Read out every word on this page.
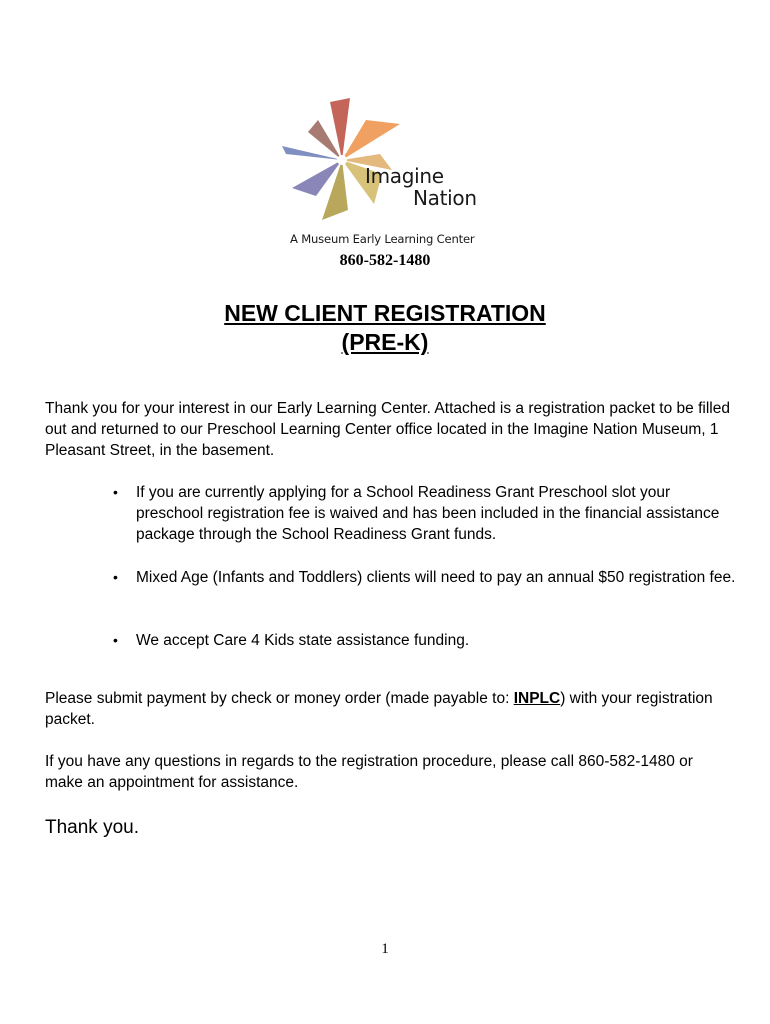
Imagine
Nation
A Museum Early Learning Center
860-582-1480
NEW CLIENT REGISTRATION
(PRE-K)

Thank you for your interest in our Early Learning Center. Attached is a registration packet to be filled out and returned to our Preschool Learning Center office located in the Imagine Nation Museum, 1 Pleasant Street, in the basement.

• If you are currently applying for a School Readiness Grant Preschool slot your preschool registration fee is waived and has been included in the financial assistance package through the School Readiness Grant funds.
• Mixed Age (Infants and Toddlers) clients will need to pay an annual $50 registration fee.
• We accept Care 4 Kids state assistance funding.

Please submit payment by check or money order (made payable to: INPLC) with your registration packet.

If you have any questions in regards to the registration procedure, please call 860-582-1480 or make an appointment for assistance.

Thank you.
1
